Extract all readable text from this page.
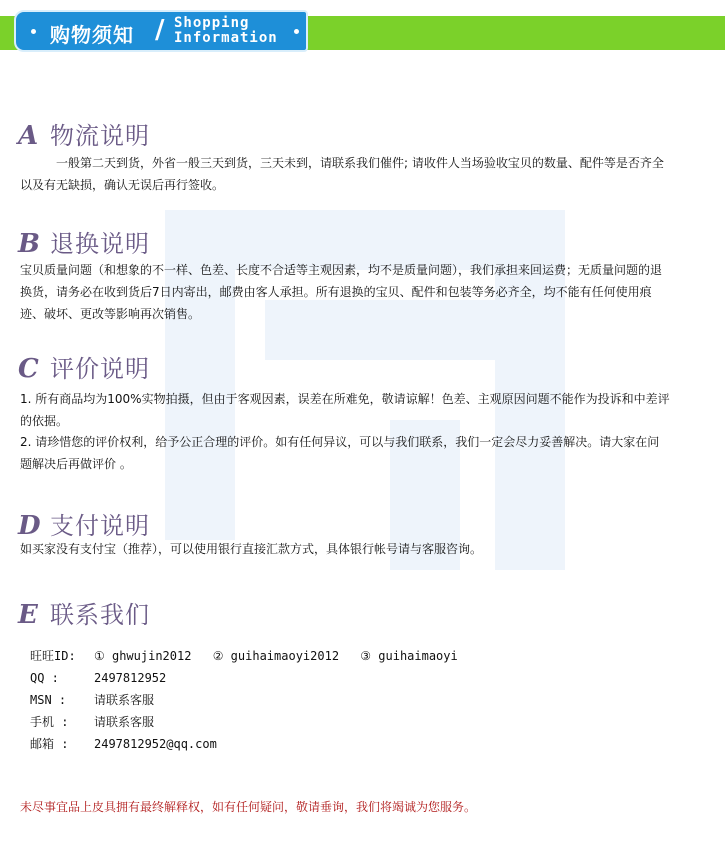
购物须知 / Shopping
Information
A 物流说明
一般第二天到货，外省一般三天到货，三天未到，请联系我们催件; 请收件人当场验收宝贝的数量、配件等是否齐全以及有无缺损，确认无误后再行签收。
B 退换说明
宝贝质量问题（和想象的不一样、色差、长度不合适等主观因素，均不是质量问题），我们承担来回运费；无质量问题的退换货，请务必在收到货后7日内寄出，邮费由客人承担。所有退换的宝贝、配件和包装等务必齐全，均不能有任何使用痕迹、破坏、更改等影响再次销售。
C 评价说明
1. 所有商品均为100%实物拍摄，但由于客观因素，误差在所难免，敬请谅解！色差、主观原因问题不能作为投诉和中差评的依据。
2. 请珍惜您的评价权利，给予公正合理的评价。如有任何异议，可以与我们联系，我们一定会尽力妥善解决。请大家在问题解决后再做评价 。
D 支付说明
如买家没有支付宝（推荐），可以使用银行直接汇款方式，具体银行帐号请与客服咨询。
E 联系我们
旺旺ID:	① ghwujin2012 ② guihaimaoyi2012 ③ guihaimaoyi
QQ :	2497812952
MSN :	请联系客服
手机 :	请联系客服
邮箱 :	2497812952@qq.com
未尽事宜品上皮具拥有最终解释权，如有任何疑问，敬请垂询，我们将竭诚为您服务。
